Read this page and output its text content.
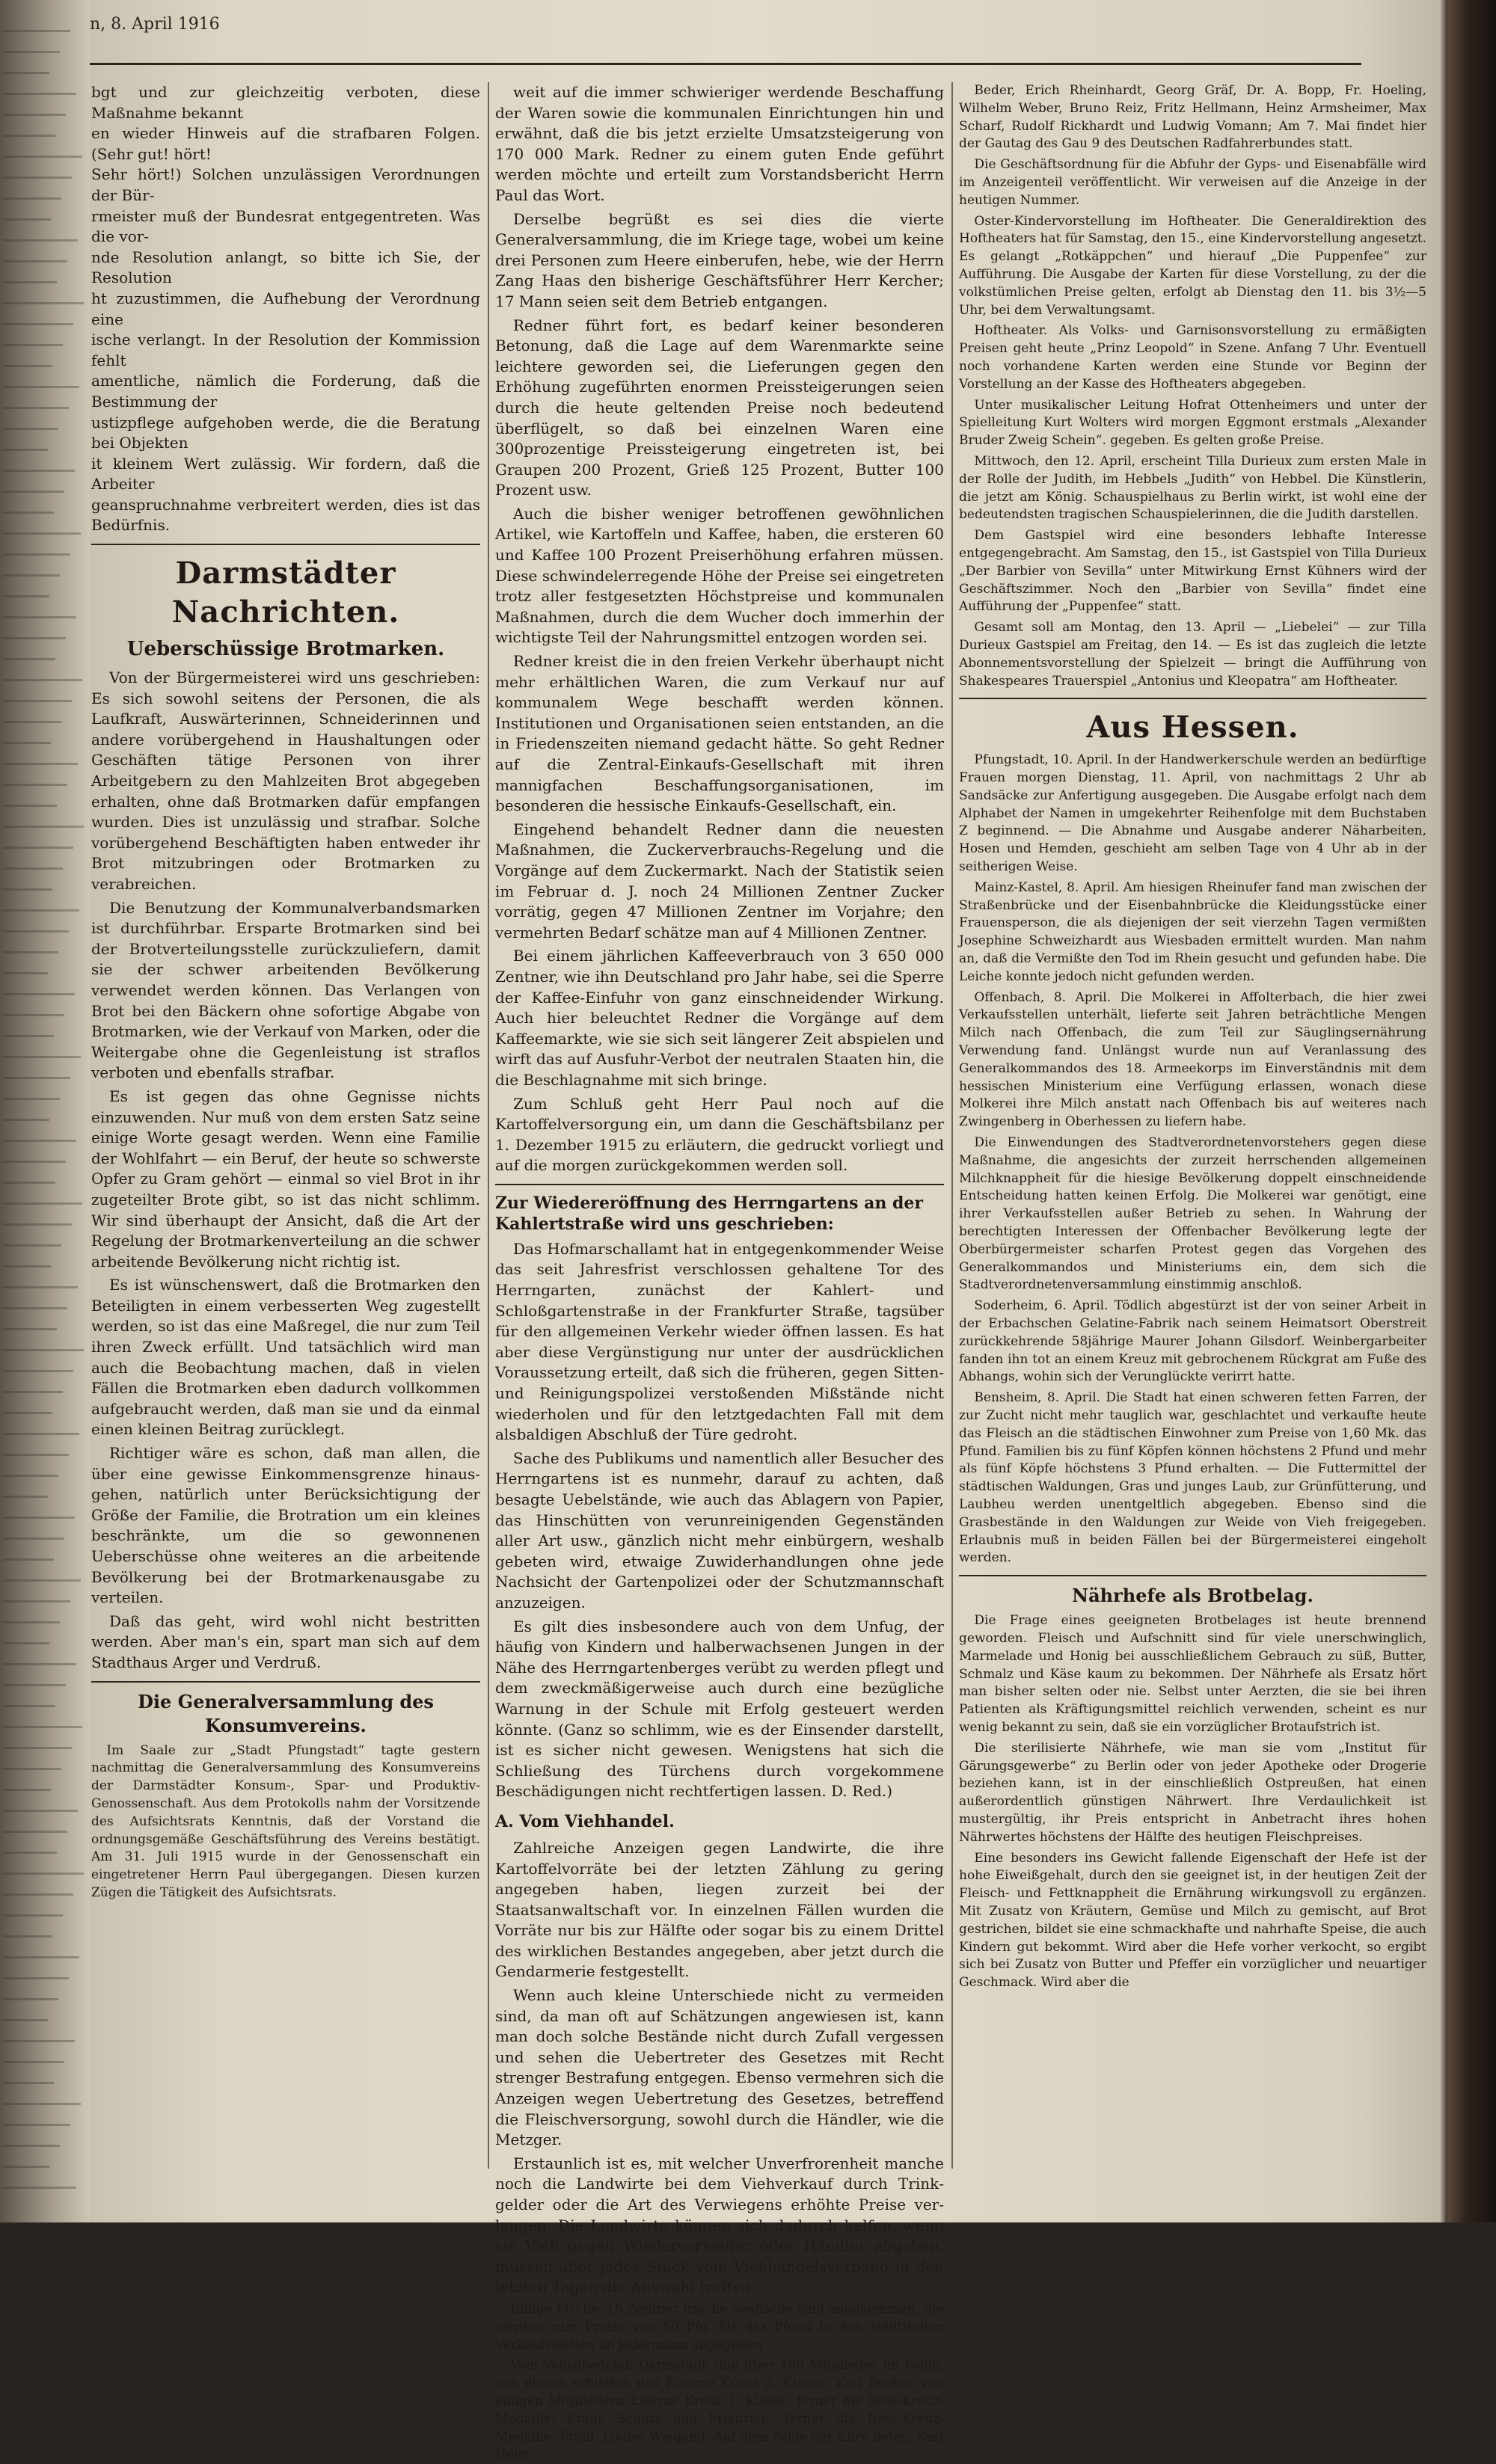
n, 8. April 1916

bgt und zur gleichzeitig verboten, diese Maßnahme bekannt

en wieder Hinweis auf die strafbaren Folgen. (Sehr gut! hört!

Sehr hört!) Solchen unzulässigen Verordnungen der Bür-

rmeister muß der Bundesrat entgegentreten. Was die vor-

nde Resolution anlangt, so bitte ich Sie, der Resolution

ht zuzustimmen, die Aufhebung der Verordnung eine

ische verlangt. In der Resolution der Kommission fehlt

amentliche, nämlich die Forderung, daß die Bestimmung der

ustizpflege aufgehoben werde, die die Beratung bei Objekten

it kleinem Wert zulässig. Wir fordern, daß die Arbeiter

geanspruchnahme verbreitert werden, dies ist das Bedürfnis.

Darmstädter Nachrichten.
Ueberschüssige Brotmarken.

Von der Bürgermeisterei wird uns geschrieben: Es sich sowohl seitens der Personen, die als Laufkraft, Auswärterinnen, Schneiderinnen und andere vorübergehend in Haushaltungen oder Geschäften tätige Personen von ihrer Arbeitgebern zu den Mahlzeiten Brot abgegeben erhalten, ohne daß Brotmarken dafür empfangen wurden. Dies ist unzulässig und strafbar. Solche vorübergehend Beschäftigten haben entweder ihr Brot mitzubringen oder Brotmarken zu verabreichen.

Die Benutzung der Kommunalverbandsmarken ist durchführbar. Ersparte Brotmarken sind bei der Brotverteilungsstelle zurückzuliefern, damit sie der schwer arbeitenden Bevölkerung verwendet werden können. Das Verlangen von Brot bei den Bäckern ohne sofortige Abgabe von Brotmarken, wie der Verkauf von Marken, oder die Weitergabe ohne die Gegenleistung ist straflos verboten und ebenfalls strafbar.

Es ist gegen das ohne Gegnisse nichts einzuwenden. Nur muß von dem ersten Satz seine einige Worte gesagt werden. Wenn eine Familie der Wohlfahrt — ein Beruf, der heute so schwerste Opfer zu Gram gehört — einmal so viel Brot in ihr zugeteilter Brote gibt, so ist das nicht schlimm. Wir sind überhaupt der Ansicht, daß die Art der Regelung der Brotmarkenverteilung an die schwer arbeitende Bevölkerung nicht richtig ist.

Es ist wünschenswert, daß die Brotmarken den Beteiligten in einem verbesserten Weg zugestellt werden, so ist das eine Maßregel, die nur zum Teil ihren Zweck erfüllt. Und tatsächlich wird man auch die Beobachtung machen, daß in vielen Fällen die Brotmarken eben dadurch vollkommen aufgebraucht werden, daß man sie und da einmal einen kleinen Beitrag zurücklegt.

Richtiger wäre es schon, daß man allen, die über eine gewisse Einkommensgrenze hinausgehen, natürlich unter Berücksichtigung der Größe der Familie, die Brotration um ein kleines beschränkte, um die so gewonnenen Ueberschüsse ohne weiteres an die arbeitende Bevölkerung bei der Brotmarkenausgabe zu verteilen.

Daß das geht, wird wohl nicht bestritten werden. Aber man's ein, spart man sich auf dem Stadthaus Arger und Verdruß.

Die Generalversammlung des Konsumvereins.

Im Saale zur „Stadt Pfungstadt“ tagte gestern nachmittag die Generalversammlung des Konsumvereins der Darmstädter Konsum-, Spar- und Produktiv-Genossenschaft. Aus dem Protokolls nahm der Vorsitzende des Aufsichtsrats Kenntnis, daß der Vorstand die ordnungsgemäße Geschäftsführung des Vereins bestätigt. Am 31. Juli 1915 wurde in der Genossenschaft ein eingetretener Herrn Paul übergegangen. Diesen kurzen Zügen die Tätigkeit des Aufsichtsrats.

weit auf die immer schwieriger werdende Beschaffung der Waren sowie die kommunalen Einrichtungen hin und erwähnt, daß die bis jetzt erzielte Umsatzsteigerung von 170 000 Mark. Redner zu einem guten Ende geführt werden möchte und erteilt zum Vorstandsbericht Herrn Paul das Wort.

Derselbe begrüßt es sei dies die vierte Generalversammlung, die im Kriege tage, wobei um keine drei Personen zum Heere einberufen, hebe, wie der Herrn Zang Haas den bisherige Geschäftsführer Herr Kercher; 17 Mann seien seit dem Betrieb entgangen.

Redner führt fort, es bedarf keiner besonderen Betonung, daß die Lage auf dem Warenmarkte seine leichtere geworden sei, die Lieferungen gegen den Erhöhung zugeführten enormen Preissteigerungen seien durch die heute geltenden Preise noch bedeutend überflügelt, so daß bei einzelnen Waren eine 300prozentige Preissteigerung eingetreten ist, bei Graupen 200 Prozent, Grieß 125 Prozent, Butter 100 Prozent usw.

Auch die bisher weniger betroffenen gewöhnlichen Artikel, wie Kartoffeln und Kaffee, haben, die ersteren 60 und Kaffee 100 Prozent Preiserhöhung erfahren müssen. Diese schwindelerregende Höhe der Preise sei eingetreten trotz aller festgesetzten Höchstpreise und kommunalen Maßnahmen, durch die dem Wucher doch immerhin der wichtigste Teil der Nahrungsmittel entzogen worden sei.

Redner kreist die in den freien Verkehr überhaupt nicht mehr erhältlichen Waren, die zum Verkauf nur auf kommunalem Wege beschafft werden können. Institutionen und Organisationen seien entstanden, an die in Friedenszeiten niemand gedacht hätte. So geht Redner auf die Zentral-Einkaufs-Gesellschaft mit ihren mannigfachen Beschaffungsorganisationen, im besonderen die hessische Einkaufs-Gesellschaft, ein.

Eingehend behandelt Redner dann die neuesten Maßnahmen, die Zuckerverbrauchs-Regelung und die Vorgänge auf dem Zuckermarkt. Nach der Statistik seien im Februar d. J. noch 24 Millionen Zentner Zucker vorrätig, gegen 47 Millionen Zentner im Vorjahre; den vermehrten Bedarf schätze man auf 4 Millionen Zentner.

Bei einem jährlichen Kaffeeverbrauch von 3 650 000 Zentner, wie ihn Deutschland pro Jahr habe, sei die Sperre der Kaffee-Einfuhr von ganz einschneidender Wirkung. Auch hier beleuchtet Redner die Vorgänge auf dem Kaffeemarkte, wie sie sich seit längerer Zeit abspielen und wirft das auf Ausfuhr-Verbot der neutralen Staaten hin, die die Beschlagnahme mit sich bringe.

Zum Schluß geht Herr Paul noch auf die Kartoffelversorgung ein, um dann die Geschäftsbilanz per 1. Dezember 1915 zu erläutern, die gedruckt vorliegt und auf die morgen zurückgekommen werden soll.

Zur Wiedereröffnung des Herrngartens an der Kahlertstraße wird uns geschrieben:

Das Hofmarschallamt hat in entgegenkommender Weise das seit Jahresfrist verschlossen gehaltene Tor des Herrngarten, zunächst der Kahlert- und Schloßgartenstraße in der Frankfurter Straße, tagsüber für den allgemeinen Verkehr wieder öffnen lassen. Es hat aber diese Vergünstigung nur unter der ausdrücklichen Voraussetzung erteilt, daß sich die früheren, gegen Sitten- und Reinigungspolizei verstoßenden Mißstände nicht wiederholen und für den letztgedachten Fall mit dem alsbaldigen Abschluß der Türe gedroht.

Sache des Publikums und namentlich aller Besucher des Herrngartens ist es nunmehr, darauf zu achten, daß besagte Uebelstände, wie auch das Ablagern von Papier, das Hinschütten von verunreinigenden Gegenständen aller Art usw., gänzlich nicht mehr einbürgern, weshalb gebeten wird, etwaige Zuwiderhandlungen ohne jede Nachsicht der Gartenpolizei oder der Schutzmannschaft anzuzeigen.

Es gilt dies insbesondere auch von dem Unfug, der häufig von Kindern und halberwachsenen Jungen in der Nähe des Herrngartenberges verübt zu werden pflegt und dem zweckmäßigerweise auch durch eine bezügliche Warnung in der Schule mit Erfolg gesteuert werden könnte. (Ganz so schlimm, wie es der Einsender darstellt, ist es sicher nicht gewesen. Wenigstens hat sich die Schließung des Türchens durch vorgekommene Beschädigungen nicht rechtfertigen lassen. D. Red.)

A. Vom Viehhandel.

Zahlreiche Anzeigen gegen Landwirte, die ihre Kartoffelvorräte bei der letzten Zählung zu gering angegeben haben, liegen zurzeit bei der Staatsanwaltschaft vor. In einzelnen Fällen wurden die Vorräte nur bis zur Hälfte oder sogar bis zu einem Drittel des wirklichen Bestandes angegeben, aber jetzt durch die Gendarmerie festgestellt.

Wenn auch kleine Unterschiede nicht zu vermeiden sind, da man oft auf Schätzungen angewiesen ist, kann man doch solche Bestände nicht durch Zufall vergessen und sehen die Uebertreter des Gesetzes mit Recht strenger Bestrafung entgegen. Ebenso vermehren sich die Anzeigen wegen Uebertretung des Gesetzes, betreffend die Fleischversorgung, sowohl durch die Händler, wie die Metzger.

Erstaunlich ist es, mit welcher Unverfrorenheit manche noch die Landwirte bei dem Viehverkauf durch Trinkgelder oder die Art des Verwiegens erhöhte Preise verlangen. Die Landwirte können sich dadurch helfen, wenn sie Vieh gegen Wiederverkäufer oder Händler abgeben, müssen aber jedes Stück vom Viehhandelsverband in den letzten Tagen die Auswahl treffen.

Billige Fische. 15 Zentner frische Seefische sind angekommen. Sie werden zum Preise von 50 Pfg. für das Pfund in den städtischen Verkaufsstellen an jedermann abgegeben.

Vom Velozipedclub Darmstadt sind über 100 Mitglieder im Felde; von diesen erhielten das Eiserne Kreuz 2. Klasse: Karl Feldes; von einigen Mitgliedern Eiserne Kreuz 1. Klasse; ferner die Rote-Kreuz-Medaille: Fräul. Schütz und Friedrich; ferner die Rote-Kreuz-Medaille: Fräul. Louise Wiegand. Auf dem Felde der Ehre fielen: Karl Heim.

Beder, Erich Rheinhardt, Georg Gräf, Dr. A. Bopp, Fr. Hoeling, Wilhelm Weber, Bruno Reiz, Fritz Hellmann, Heinz Armsheimer, Max Scharf, Rudolf Rickhardt und Ludwig Vomann; Am 7. Mai findet hier der Gautag des Gau 9 des Deutschen Radfahrerbundes statt.

Die Geschäftsordnung für die Abfuhr der Gyps- und Eisenabfälle wird im Anzeigenteil veröffentlicht. Wir verweisen auf die Anzeige in der heutigen Nummer.

Oster-Kindervorstellung im Hoftheater. Die Generaldirektion des Hoftheaters hat für Samstag, den 15., eine Kindervorstellung angesetzt. Es gelangt „Rotkäppchen“ und hierauf „Die Puppenfee“ zur Aufführung. Die Ausgabe der Karten für diese Vorstellung, zu der die volkstümlichen Preise gelten, erfolgt ab Dienstag den 11. bis 3½—5 Uhr, bei dem Verwaltungsamt.

Hoftheater. Als Volks- und Garnisonsvorstellung zu ermäßigten Preisen geht heute „Prinz Leopold“ in Szene. Anfang 7 Uhr. Eventuell noch vorhandene Karten werden eine Stunde vor Beginn der Vorstellung an der Kasse des Hoftheaters abgegeben.

Unter musikalischer Leitung Hofrat Ottenheimers und unter der Spielleitung Kurt Wolters wird morgen Eggmont erstmals „Alexander Bruder Zweig Schein“. gegeben. Es gelten große Preise.

Mittwoch, den 12. April, erscheint Tilla Durieux zum ersten Male in der Rolle der Judith, im Hebbels „Judith“ von Hebbel. Die Künstlerin, die jetzt am König. Schauspielhaus zu Berlin wirkt, ist wohl eine der bedeutendsten tragischen Schauspielerinnen, die die Judith darstellen.

Dem Gastspiel wird eine besonders lebhafte Interesse entgegengebracht. Am Samstag, den 15., ist Gastspiel von Tilla Durieux „Der Barbier von Sevilla“ unter Mitwirkung Ernst Kühners wird der Geschäftszimmer. Noch den „Barbier von Sevilla“ findet eine Aufführung der „Puppenfee“ statt.

Gesamt soll am Montag, den 13. April — „Liebelei“ — zur Tilla Durieux Gastspiel am Freitag, den 14. — Es ist das zugleich die letzte Abonnementsvorstellung der Spielzeit — bringt die Aufführung von Shakespeares Trauerspiel „Antonius und Kleopatra“ am Hoftheater.

Aus Hessen.

Pfungstadt, 10. April. In der Handwerkerschule werden an bedürftige Frauen morgen Dienstag, 11. April, von nachmittags 2 Uhr ab Sandsäcke zur Anfertigung ausgegeben. Die Ausgabe erfolgt nach dem Alphabet der Namen in umgekehrter Reihenfolge mit dem Buchstaben Z beginnend. — Die Abnahme und Ausgabe anderer Näharbeiten, Hosen und Hemden, geschieht am selben Tage von 4 Uhr ab in der seitherigen Weise.

Mainz-Kastel, 8. April. Am hiesigen Rheinufer fand man zwischen der Straßenbrücke und der Eisenbahnbrücke die Kleidungsstücke einer Frauensperson, die als diejenigen der seit vierzehn Tagen vermißten Josephine Schweizhardt aus Wiesbaden ermittelt wurden. Man nahm an, daß die Vermißte den Tod im Rhein gesucht und gefunden habe. Die Leiche konnte jedoch nicht gefunden werden.

Offenbach, 8. April. Die Molkerei in Affolterbach, die hier zwei Verkaufsstellen unterhält, lieferte seit Jahren beträchtliche Mengen Milch nach Offenbach, die zum Teil zur Säuglingsernährung Verwendung fand. Unlängst wurde nun auf Veranlassung des Generalkommandos des 18. Armeekorps im Einverständnis mit dem hessischen Ministerium eine Verfügung erlassen, wonach diese Molkerei ihre Milch anstatt nach Offenbach bis auf weiteres nach Zwingenberg in Oberhessen zu liefern habe.

Die Einwendungen des Stadtverordnetenvorstehers gegen diese Maßnahme, die angesichts der zurzeit herrschenden allgemeinen Milchknappheit für die hiesige Bevölkerung doppelt einschneidende Entscheidung hatten keinen Erfolg. Die Molkerei war genötigt, eine ihrer Verkaufsstellen außer Betrieb zu sehen. In Wahrung der berechtigten Interessen der Offenbacher Bevölkerung legte der Oberbürgermeister scharfen Protest gegen das Vorgehen des Generalkommandos und Ministeriums ein, dem sich die Stadtverordnetenversammlung einstimmig anschloß.

Soderheim, 6. April. Tödlich abgestürzt ist der von seiner Arbeit in der Erbachschen Gelatine-Fabrik nach seinem Heimatsort Oberstreit zurückkehrende 58jährige Maurer Johann Gilsdorf. Weinbergarbeiter fanden ihn tot an einem Kreuz mit gebrochenem Rückgrat am Fuße des Abhangs, wohin sich der Verunglückte verirrt hatte.

Bensheim, 8. April. Die Stadt hat einen schweren fetten Farren, der zur Zucht nicht mehr tauglich war, geschlachtet und verkaufte heute das Fleisch an die städtischen Einwohner zum Preise von 1,60 Mk. das Pfund. Familien bis zu fünf Köpfen können höchstens 2 Pfund und mehr als fünf Köpfe höchstens 3 Pfund erhalten. — Die Futtermittel der städtischen Waldungen, Gras und junges Laub, zur Grünfütterung, und Laubheu werden unentgeltlich abgegeben. Ebenso sind die Grasbestände in den Waldungen zur Weide von Vieh freigegeben. Erlaubnis muß in beiden Fällen bei der Bürgermeisterei eingeholt werden.

Nährhefe als Brotbelag.

Die Frage eines geeigneten Brotbelages ist heute brennend geworden. Fleisch und Aufschnitt sind für viele unerschwinglich, Marmelade und Honig bei ausschließlichem Gebrauch zu süß, Butter, Schmalz und Käse kaum zu bekommen. Der Nährhefe als Ersatz hört man bisher selten oder nie. Selbst unter Aerzten, die sie bei ihren Patienten als Kräftigungsmittel reichlich verwenden, scheint es nur wenig bekannt zu sein, daß sie ein vorzüglicher Brotaufstrich ist.

Die sterilisierte Nährhefe, wie man sie vom „Institut für Gärungsgewerbe“ zu Berlin oder von jeder Apotheke oder Drogerie beziehen kann, ist in der einschließlich Ostpreußen, hat einen außerordentlich günstigen Nährwert. Ihre Verdaulichkeit ist mustergültig, ihr Preis entspricht in Anbetracht ihres hohen Nährwertes höchstens der Hälfte des heutigen Fleischpreises.

Eine besonders ins Gewicht fallende Eigenschaft der Hefe ist der hohe Eiweißgehalt, durch den sie geeignet ist, in der heutigen Zeit der Fleisch- und Fettknappheit die Ernährung wirkungsvoll zu ergänzen. Mit Zusatz von Kräutern, Gemüse und Milch zu gemischt, auf Brot gestrichen, bildet sie eine schmackhafte und nahrhafte Speise, die auch Kindern gut bekommt. Wird aber die Hefe vorher verkocht, so ergibt sich bei Zusatz von Butter und Pfeffer ein vorzüglicher und neuartiger Geschmack. Wird aber die
